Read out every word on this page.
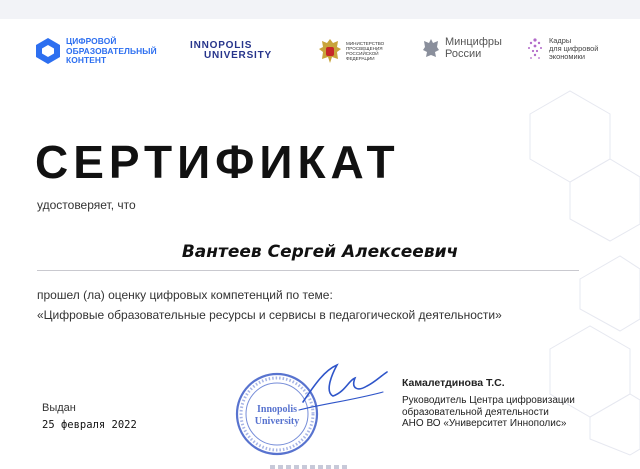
ЦИФРОВОЙ
ОБРАЗОВАТЕЛЬНЫЙ
КОНТЕНТ
INNOPOLIS
UNIVERSITY
МИНИСТЕРСТВО
ПРОСВЕЩЕНИЯ
РОССИЙСКОЙ
ФЕДЕРАЦИИ
Минцифры
России
Кадры
для цифровой
экономики
СЕРТИФИКАТ
удостоверяет, что
Вантеев Сергей Алексеевич
прошел (ла) оценку цифровых компетенций по теме:
«Цифровые образовательные ресурсы и сервисы в педагогической деятельности»
Выдан
25 февраля 2022
Innopolis
University
Камалетдинова Т.С.
Руководитель Центра цифровизации
образовательной деятельности
АНО ВО «Университет Иннополис»
